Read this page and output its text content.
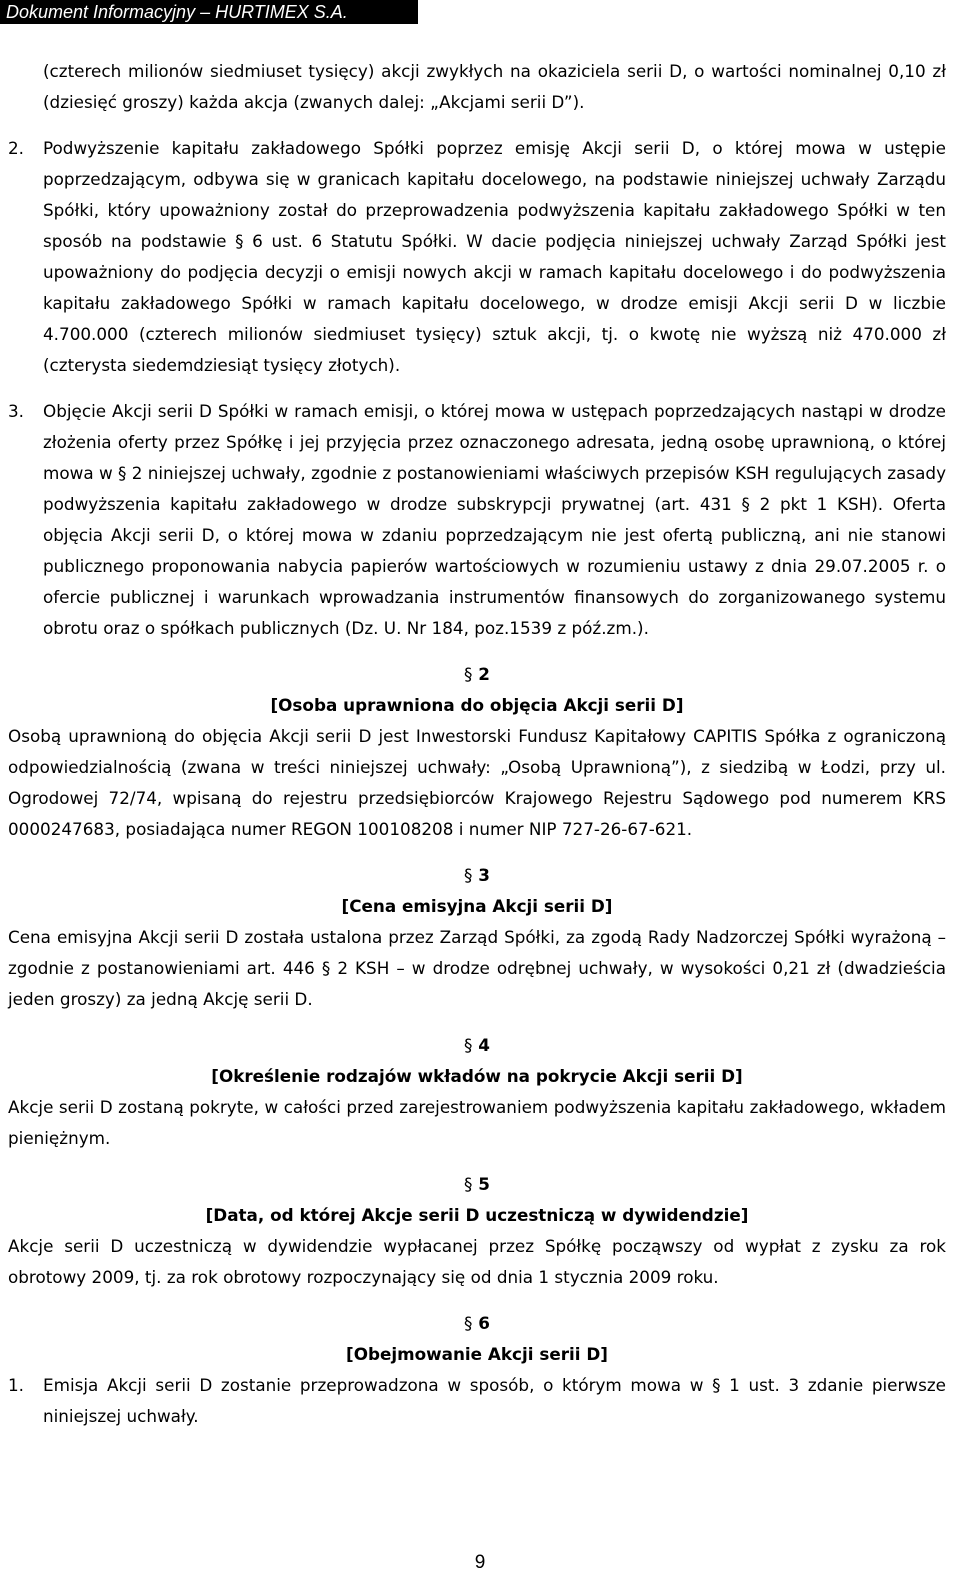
Dokument Informacyjny – HURTIMEX S.A.

(czterech milionów siedmiuset tysięcy) akcji zwykłych na okaziciela serii D, o wartości nominalnej 0,10 zł (dziesięć groszy) każda akcja (zwanych dalej: „Akcjami serii D”).

2. Podwyższenie kapitału zakładowego Spółki poprzez emisję Akcji serii D, o której mowa w ustępie poprzedzającym, odbywa się w granicach kapitału docelowego, na podstawie niniejszej uchwały Zarządu Spółki, który upoważniony został do przeprowadzenia podwyższenia kapitału zakładowego Spółki w ten sposób na podstawie § 6 ust. 6 Statutu Spółki. W dacie podjęcia niniejszej uchwały Zarząd Spółki jest upoważniony do podjęcia decyzji o emisji nowych akcji w ramach kapitału docelowego i do podwyższenia kapitału zakładowego Spółki w ramach kapitału docelowego, w drodze emisji Akcji serii D w liczbie 4.700.000 (czterech milionów siedmiuset tysięcy) sztuk akcji, tj. o kwotę nie wyższą niż 470.000 zł (czterysta siedemdziesiąt tysięcy złotych).

3. Objęcie Akcji serii D Spółki w ramach emisji, o której mowa w ustępach poprzedzających nastąpi w drodze złożenia oferty przez Spółkę i jej przyjęcia przez oznaczonego adresata, jedną osobę uprawnioną, o której mowa w § 2 niniejszej uchwały, zgodnie z postanowieniami właściwych przepisów KSH regulujących zasady podwyższenia kapitału zakładowego w drodze subskrypcji prywatnej (art. 431 § 2 pkt 1 KSH). Oferta objęcia Akcji serii D, o której mowa w zdaniu poprzedzającym nie jest ofertą publiczną, ani nie stanowi publicznego proponowania nabycia papierów wartościowych w rozumieniu ustawy z dnia 29.07.2005 r. o ofercie publicznej i warunkach wprowadzania instrumentów finansowych do zorganizowanego systemu obrotu oraz o spółkach publicznych (Dz. U. Nr 184, poz.1539 z póź.zm.).

§ 2

[Osoba uprawniona do objęcia Akcji serii D]

Osobą uprawnioną do objęcia Akcji serii D jest Inwestorski Fundusz Kapitałowy CAPITIS Spółka z ograniczoną odpowiedzialnością (zwana w treści niniejszej uchwały: „Osobą Uprawnioną”), z siedzibą w Łodzi, przy ul. Ogrodowej 72/74, wpisaną do rejestru przedsiębiorców Krajowego Rejestru Sądowego pod numerem KRS 0000247683, posiadająca numer REGON 100108208 i numer NIP 727-26-67-621.

§ 3

[Cena emisyjna Akcji serii D]

Cena emisyjna Akcji serii D została ustalona przez Zarząd Spółki, za zgodą Rady Nadzorczej Spółki wyrażoną – zgodnie z postanowieniami art. 446 § 2 KSH – w drodze odrębnej uchwały, w wysokości 0,21 zł (dwadzieścia jeden groszy) za jedną Akcję serii D.

§ 4

[Określenie rodzajów wkładów na pokrycie Akcji serii D]

Akcje serii D zostaną pokryte, w całości przed zarejestrowaniem podwyższenia kapitału zakładowego, wkładem pieniężnym.

§ 5

[Data, od której Akcje serii D uczestniczą w dywidendzie]

Akcje serii D uczestniczą w dywidendzie wypłacanej przez Spółkę począwszy od wypłat z zysku za rok obrotowy 2009, tj. za rok obrotowy rozpoczynający się od dnia 1 stycznia 2009 roku.

§ 6

[Obejmowanie Akcji serii D]

1. Emisja Akcji serii D zostanie przeprowadzona w sposób, o którym mowa w § 1 ust. 3 zdanie pierwsze niniejszej uchwały.

9
